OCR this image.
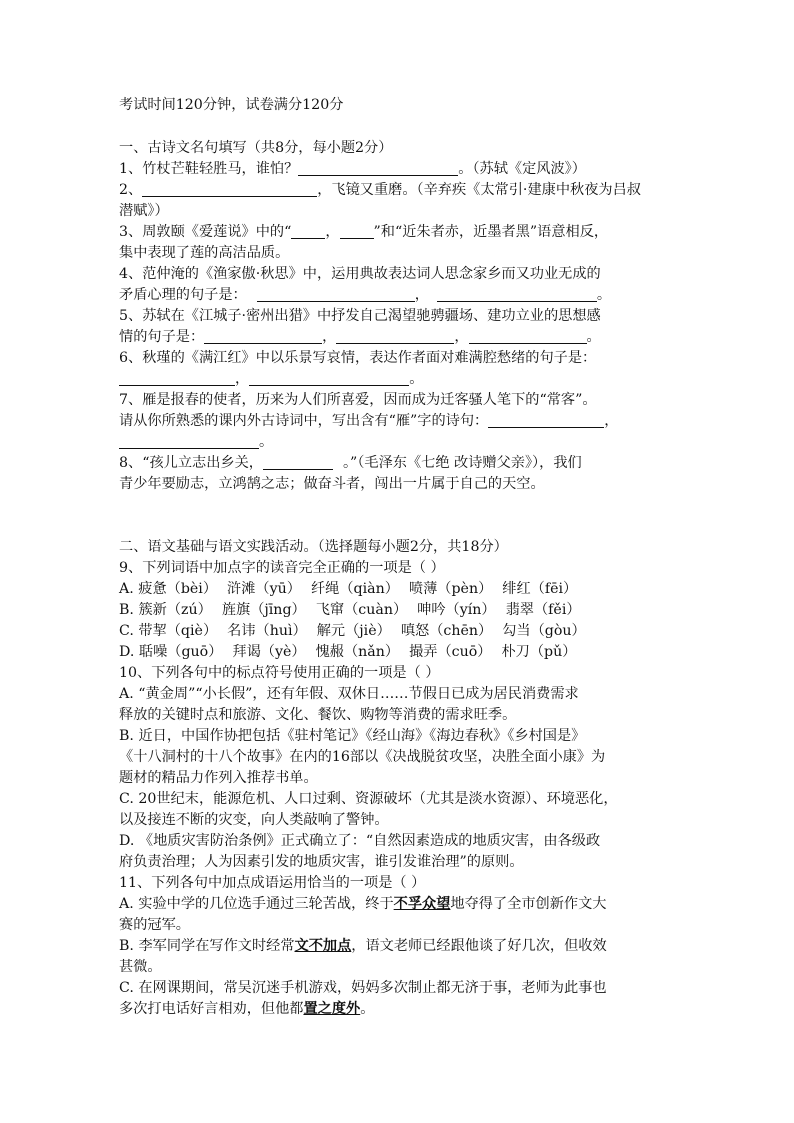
考试时间120分钟，试卷满分120分
一、古诗文名句填写（共8分，每小题2分）
1、竹杖芒鞋轻胜马，谁怕？	。（苏轼《定风波》）
2、	，飞镜又重磨。（辛弃疾《太常引·建康中秋夜为吕叔
潜赋》）
3、周敦颐《爱莲说》中的“ ， ”和“近朱者赤，近墨者黑”语意相反，
集中表现了莲的高洁品质。
4、范仲淹的《渔家傲·秋思》中，运用典故表达词人思念家乡而又功业无成的
矛盾心理的句子是：	，	。
5、苏轼在《江城子·密州出猎》中抒发自己渴望驰骋疆场、建功立业的思想感
情的句子是：	，	，	。
6、秋瑾的《满江红》中以乐景写哀情，表达作者面对难满腔愁绪的句子是：
，	。
7、雁是报春的使者，历来为人们所喜爱，因而成为迁客骚人笔下的“常客”。
请从你所熟悉的课内外古诗词中，写出含有“雁”字的诗句：	，
。
8、“孩儿立志出乡关，	。”（毛泽东《七绝 改诗赠父亲》），我们
青少年要励志，立鸿鹄之志；做奋斗者，闯出一片属于自己的天空。
二、语文基础与语文实践活动。（选择题每小题2分，共18分）
9、下列词语中加点字的读音完全正确的一项是（ ）
A. 疲惫（bèi） 浒滩（yū） 纤绳（qiàn） 喷薄（pèn） 绯红（fēi）
B. 簇新（zú） 旌旗（jīng） 飞窜（cuàn） 呻吟（yín） 翡翠（fěi）
C. 带挈（qiè） 名讳（huì） 解元（jiè） 嗔怒（chēn） 勾当（gòu）
D. 聒噪（guō） 拜谒（yè） 愧赧（nǎn） 撮弄（cuō） 朴刀（pǔ）
10、下列各句中的标点符号使用正确的一项是（ ）
A. “黄金周”“小长假”，还有年假、双休日……节假日已成为居民消费需求
释放的关键时点和旅游、文化、餐饮、购物等消费的需求旺季。
B. 近日，中国作协把包括《驻村笔记》《经山海》《海边春秋》《乡村国是》
《十八洞村的十八个故事》在内的16部以《决战脱贫攻坚，决胜全面小康》为
题材的精品力作列入推荐书单。
C. 20世纪末，能源危机、人口过剩、资源破坏（尤其是淡水资源）、环境恶化，
以及接连不断的灾变，向人类敲响了警钟。
D. 《地质灾害防治条例》正式确立了：“自然因素造成的地质灾害，由各级政
府负责治理；人为因素引发的地质灾害，谁引发谁治理”的原则。
11、下列各句中加点成语运用恰当的一项是（ ）
A. 实验中学的几位选手通过三轮苦战，终于不孚众望地夺得了全市创新作文大
赛的冠军。
B. 李军同学在写作文时经常文不加点，语文老师已经跟他谈了好几次，但收效
甚微。
C. 在网课期间，常吴沉迷手机游戏，妈妈多次制止都无济于事，老师为此事也
多次打电话好言相劝，但他都置之度外。
